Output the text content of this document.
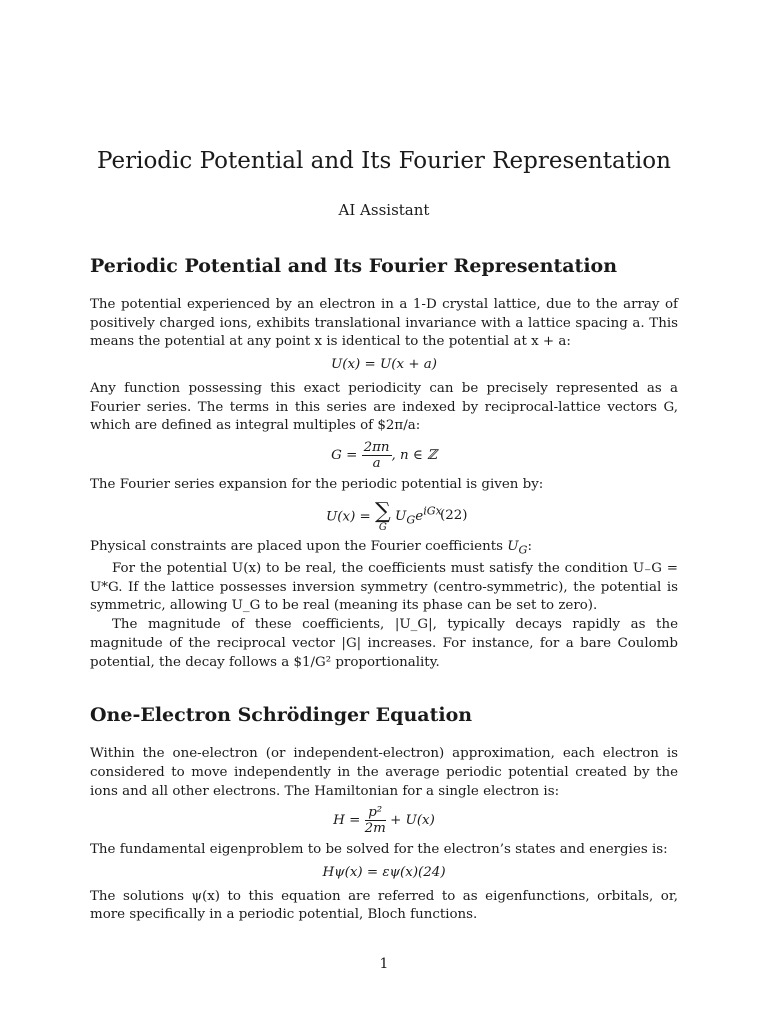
Periodic Potential and Its Fourier Representation
AI Assistant
Periodic Potential and Its Fourier Representation

The potential experienced by an electron in a 1-D crystal lattice, due to the array of positively charged ions, exhibits translational invariance with a lattice spacing a. This means the potential at any point x is identical to the potential at x + a:

U(x) = U(x + a)

Any function possessing this exact periodicity can be precisely represented as a Fourier series. The terms in this series are indexed by reciprocal-lattice vectors G, which are defined as integral multiples of $2π/a:

$G = \frac{2\pi n}{a}$ , n ∈ ℤ

The Fourier series expansion for the periodic potential is given by:

U(x) = ∑
G
$U_Ge^{iGx}$
(22)

Physical constraints are placed upon the Fourier coefficients $U_G$:

For the potential U(x) to be real, the coefficients must satisfy the condition U₋G = U*G. If the lattice possesses inversion symmetry (centro-symmetric), the potential is symmetric, allowing U_G to be real (meaning its phase can be set to zero).

The magnitude of these coefficients, |U_G|, typically decays rapidly as the magnitude of the reciprocal vector |G| increases. For instance, for a bare Coulomb potential, the decay follows a $1/G² proportionality.

One-Electron Schrödinger Equation

Within the one-electron (or independent-electron) approximation, each electron is considered to move independently in the average periodic potential created by the ions and all other electrons. The Hamiltonian for a single electron is:

$H = \frac{\text{p²}}{2m} + U(x)$

The fundamental eigenproblem to be solved for the electron’s states and energies is:

Hψ(x) = εψ(x)(24)

The solutions ψ(x) to this equation are referred to as eigenfunctions, orbitals, or, more specifically in a periodic potential, Bloch functions.

1
